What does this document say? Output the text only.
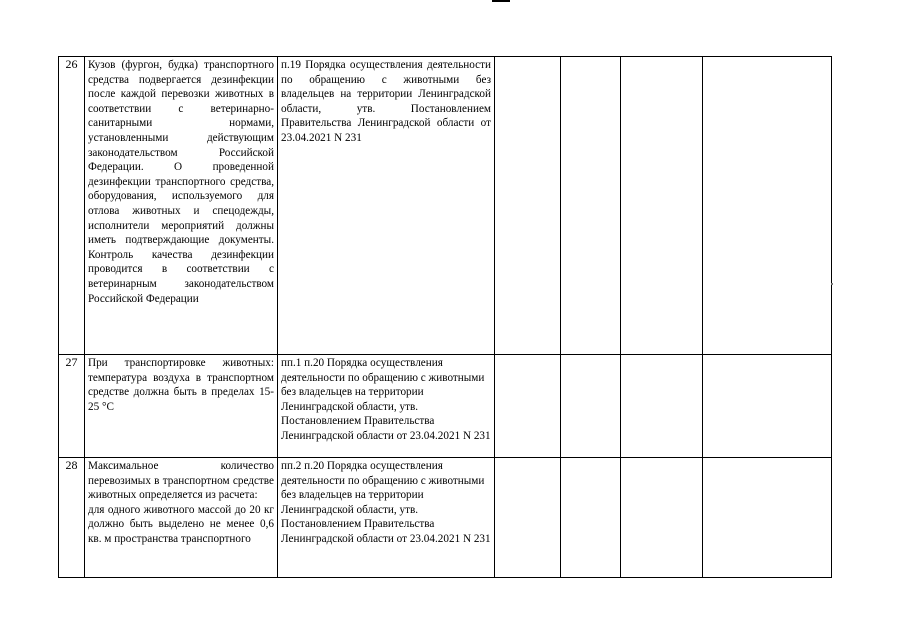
26	Кузов (фургон, будка) транспортного средства подвергается дезинфекции после каждой перевозки животных в соответствии с ветеринарно-санитарными нормами, установленными действующим законодательством Российской Федерации. О проведенной дезинфекции транспортного средства, оборудования, используемого для отлова животных и спецодежды, исполнители мероприятий должны иметь подтверждающие документы. Контроль качества дезинфекции проводится в соответствии с ветеринарным законодательством Российской Федерации	п.19 Порядка осуществления деятельности по обращению с животными без владельцев на территории Ленинградской области, утв. Постановлением Правительства Ленинградской области от 23.04.2021 N 231				

27	При транспортировке животных: температура воздуха в транспортном средстве должна быть в пределах 15-25 °С	пп.1 п.20 Порядка осуществления деятельности по обращению с животными без владельцев на территории Ленинградской области, утв. Постановлением Правительства Ленинградской области от 23.04.2021 N 231				

28	Максимальное количество перевозимых в транспортном средстве животных определяется из расчета:
для одного животного массой до 20 кг должно быть выделено не менее 0,6 кв. м пространства транспортного	пп.2 п.20 Порядка осуществления деятельности по обращению с животными без владельцев на территории Ленинградской области, утв. Постановлением Правительства Ленинградской области от 23.04.2021 N 231				
